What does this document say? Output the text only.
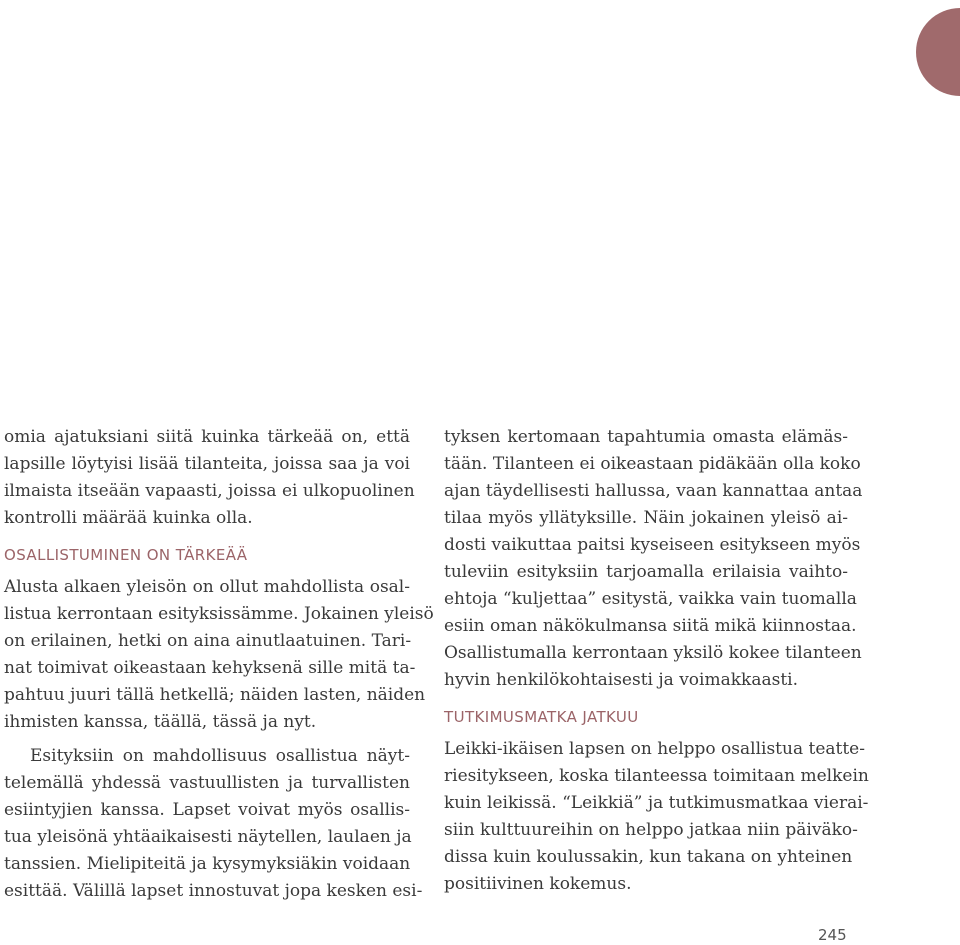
omia ajatuksiani siitä kuinka tärkeää on, että
lapsille löytyisi lisää tilanteita, joissa saa ja voi
ilmaista itseään vapaasti, joissa ei ulkopuolinen
kontrolli määrää kuinka olla.
OSALLISTUMINEN ON TÄRKEÄÄ
Alusta alkaen yleisön on ollut mahdollista osal-
listua kerrontaan esityksissämme. Jokainen yleisö
on erilainen, hetki on aina ainutlaatuinen. Tari-
nat toimivat oikeastaan kehyksenä sille mitä ta-
pahtuu juuri tällä hetkellä; näiden lasten, näiden
ihmisten kanssa, täällä, tässä ja nyt.
Esityksiin on mahdollisuus osallistua näyt-
telemällä yhdessä vastuullisten ja turvallisten
esiintyjien kanssa. Lapset voivat myös osallis-
tua yleisönä yhtäaikaisesti näytellen, laulaen ja
tanssien. Mielipiteitä ja kysymyksiäkin voidaan
esittää. Välillä lapset innostuvat jopa kesken esi-
tyksen kertomaan tapahtumia omasta elämäs-
tään. Tilanteen ei oikeastaan pidäkään olla koko
ajan täydellisesti hallussa, vaan kannattaa antaa
tilaa myös yllätyksille. Näin jokainen yleisö ai-
dosti vaikuttaa paitsi kyseiseen esitykseen myös
tuleviin esityksiin tarjoamalla erilaisia vaihto-
ehtoja “kuljettaa” esitystä, vaikka vain tuomalla
esiin oman näkökulmansa siitä mikä kiinnostaa.
Osallistumalla kerrontaan yksilö kokee tilanteen
hyvin henkilökohtaisesti ja voimakkaasti.
TUTKIMUSMATKA JATKUU
Leikki-ikäisen lapsen on helppo osallistua teatte-
riesitykseen, koska tilanteessa toimitaan melkein
kuin leikissä. “Leikkiä” ja tutkimusmatkaa vierai-
siin kulttuureihin on helppo jatkaa niin päiväko-
dissa kuin koulussakin, kun takana on yhteinen
positiivinen kokemus.
245
